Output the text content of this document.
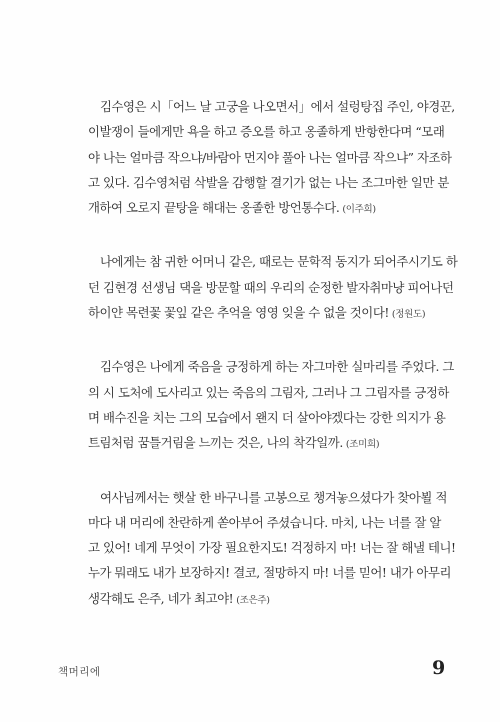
김수영은 시「어느 날 고궁을 나오면서」에서 설렁탕집 주인, 야경꾼,
이발쟁이 들에게만 욕을 하고 증오를 하고 옹졸하게 반항한다며 “모래
야 나는 얼마큼 작으냐/바람아 먼지야 풀아 나는 얼마큼 작으냐” 자조하
고 있다. 김수영처럼 삭발을 감행할 결기가 없는 나는 조그마한 일만 분
개하여 오로지 끝탕을 해대는 옹졸한 방언통수다. (이주희)

나에게는 참 귀한 어머니 같은, 때로는 문학적 동지가 되어주시기도 하
던 김현경 선생님 댁을 방문할 때의 우리의 순정한 발자취마냥 피어나던
하이얀 목련꽃 꽃잎 같은 추억을 영영 잊을 수 없을 것이다! (정원도)

김수영은 나에게 죽음을 긍정하게 하는 자그마한 실마리를 주었다. 그
의 시 도처에 도사리고 있는 죽음의 그림자, 그러나 그 그림자를 긍정하
며 배수진을 치는 그의 모습에서 왠지 더 살아야겠다는 강한 의지가 용
트림처럼 꿈틀거림을 느끼는 것은, 나의 착각일까. (조미희)

여사님께서는 햇살 한 바구니를 고봉으로 챙겨놓으셨다가 찾아뵐 적
마다 내 머리에 찬란하게 쏟아부어 주셨습니다. 마치, 나는 너를 잘 알
고 있어! 네게 무엇이 가장 필요한지도! 걱정하지 마! 너는 잘 해낼 테니!
누가 뭐래도 내가 보장하지! 결코, 절망하지 마! 너를 믿어! 내가 아무리
생각해도 은주, 네가 최고야! (조은주)

책머리에	9
